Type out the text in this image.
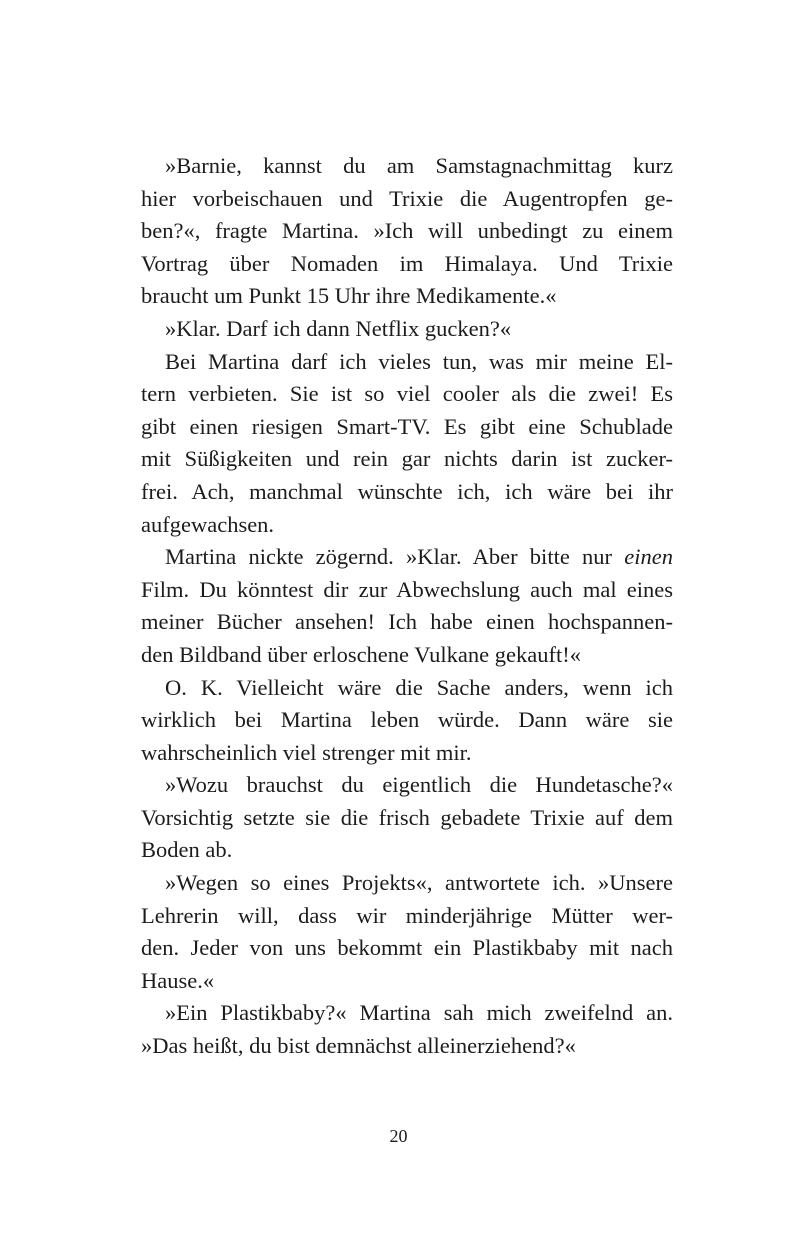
»Barnie, kannst du am Samstagnachmittag kurz
hier vorbeischauen und Trixie die Augentropfen ge-
ben?«, fragte Martina. »Ich will unbedingt zu einem
Vortrag über Nomaden im Himalaya. Und Trixie
braucht um Punkt 15 Uhr ihre Medikamente.«
»Klar. Darf ich dann Netflix gucken?«
Bei Martina darf ich vieles tun, was mir meine El-
tern verbieten. Sie ist so viel cooler als die zwei! Es
gibt einen riesigen Smart-TV. Es gibt eine Schublade
mit Süßigkeiten und rein gar nichts darin ist zucker-
frei. Ach, manchmal wünschte ich, ich wäre bei ihr
aufgewachsen.
Martina nickte zögernd. »Klar. Aber bitte nur einen
Film. Du könntest dir zur Abwechslung auch mal eines
meiner Bücher ansehen! Ich habe einen hochspannen-
den Bildband über erloschene Vulkane gekauft!«
O. K. Vielleicht wäre die Sache anders, wenn ich
wirklich bei Martina leben würde. Dann wäre sie
wahrscheinlich viel strenger mit mir.
»Wozu brauchst du eigentlich die Hundetasche?«
Vorsichtig setzte sie die frisch gebadete Trixie auf dem
Boden ab.
»Wegen so eines Projekts«, antwortete ich. »Unsere
Lehrerin will, dass wir minderjährige Mütter wer-
den. Jeder von uns bekommt ein Plastikbaby mit nach
Hause.«
»Ein Plastikbaby?« Martina sah mich zweifelnd an.
»Das heißt, du bist demnächst alleinerziehend?«
20
